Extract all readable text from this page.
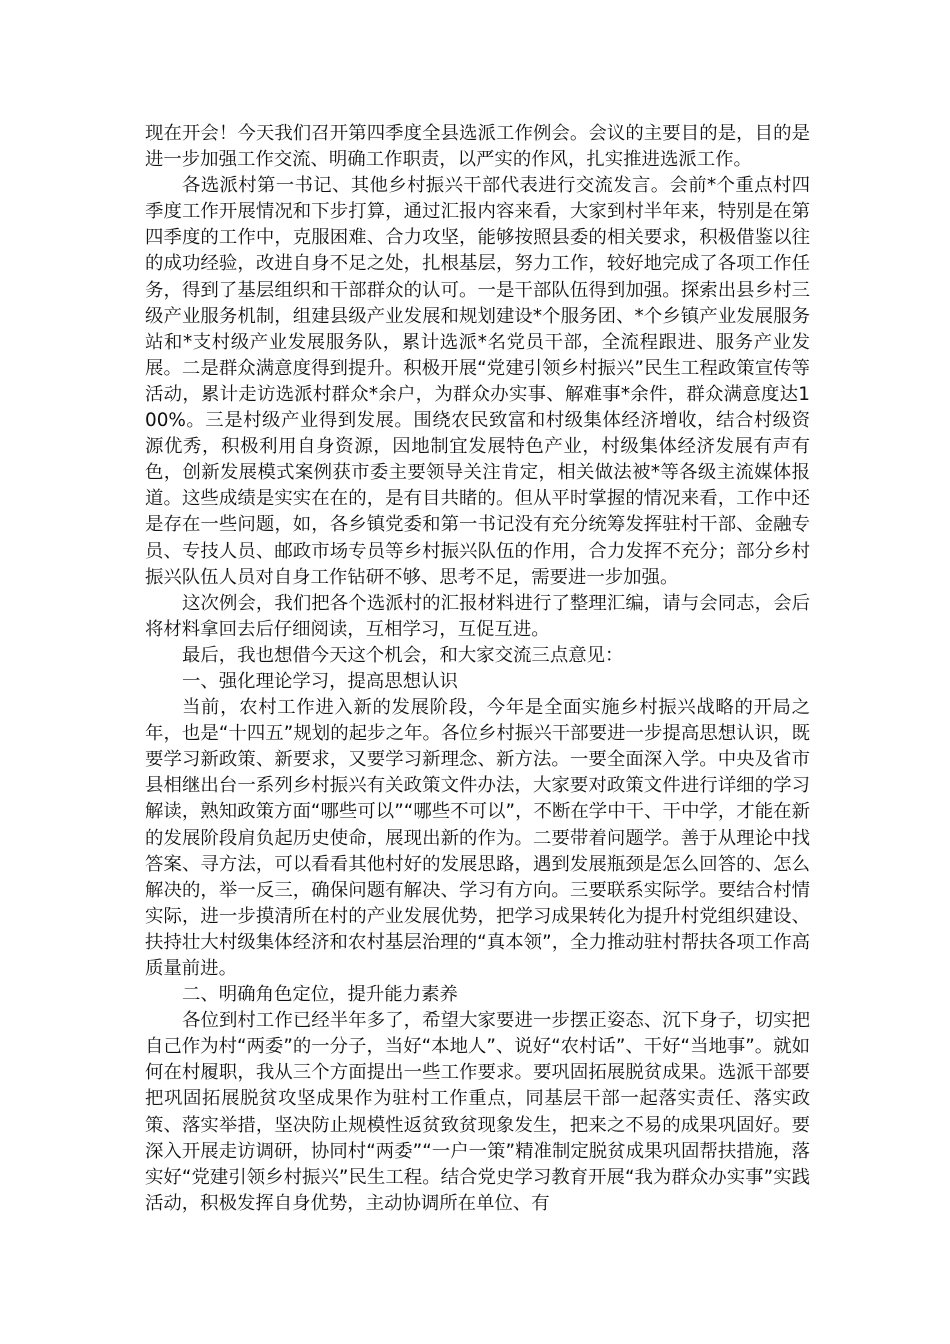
现在开会！今天我们召开第四季度全县选派工作例会。会议的主要目的是，目的是进一步加强工作交流、明确工作职责，以严实的作风，扎实推进选派工作。

各选派村第一书记、其他乡村振兴干部代表进行交流发言。会前*个重点村四季度工作开展情况和下步打算，通过汇报内容来看，大家到村半年来，特别是在第四季度的工作中，克服困难、合力攻坚，能够按照县委的相关要求，积极借鉴以往的成功经验，改进自身不足之处，扎根基层，努力工作，较好地完成了各项工作任务，得到了基层组织和干部群众的认可。一是干部队伍得到加强。探索出县乡村三级产业服务机制，组建县级产业发展和规划建设*个服务团、*个乡镇产业发展服务站和*支村级产业发展服务队，累计选派*名党员干部，全流程跟进、服务产业发展。二是群众满意度得到提升。积极开展“党建引领乡村振兴”民生工程政策宣传等活动，累计走访选派村群众*余户，为群众办实事、解难事*余件，群众满意度达100%。三是村级产业得到发展。围绕农民致富和村级集体经济增收，结合村级资源优秀，积极利用自身资源，因地制宜发展特色产业，村级集体经济发展有声有色，创新发展模式案例获市委主要领导关注肯定，相关做法被*等各级主流媒体报道。这些成绩是实实在在的，是有目共睹的。但从平时掌握的情况来看，工作中还是存在一些问题，如，各乡镇党委和第一书记没有充分统筹发挥驻村干部、金融专员、专技人员、邮政市场专员等乡村振兴队伍的作用，合力发挥不充分；部分乡村振兴队伍人员对自身工作钻研不够、思考不足，需要进一步加强。

这次例会，我们把各个选派村的汇报材料进行了整理汇编，请与会同志，会后将材料拿回去后仔细阅读，互相学习，互促互进。

最后，我也想借今天这个机会，和大家交流三点意见：

一、强化理论学习，提高思想认识

当前，农村工作进入新的发展阶段，今年是全面实施乡村振兴战略的开局之年，也是“十四五”规划的起步之年。各位乡村振兴干部要进一步提高思想认识，既要学习新政策、新要求，又要学习新理念、新方法。一要全面深入学。中央及省市县相继出台一系列乡村振兴有关政策文件办法，大家要对政策文件进行详细的学习解读，熟知政策方面“哪些可以”“哪些不可以”，不断在学中干、干中学，才能在新的发展阶段肩负起历史使命，展现出新的作为。二要带着问题学。善于从理论中找答案、寻方法，可以看看其他村好的发展思路，遇到发展瓶颈是怎么回答的、怎么解决的，举一反三，确保问题有解决、学习有方向。三要联系实际学。要结合村情实际，进一步摸清所在村的产业发展优势，把学习成果转化为提升村党组织建设、扶持壮大村级集体经济和农村基层治理的“真本领”，全力推动驻村帮扶各项工作高质量前进。

二、明确角色定位，提升能力素养

各位到村工作已经半年多了，希望大家要进一步摆正姿态、沉下身子，切实把自己作为村“两委”的一分子，当好“本地人”、说好“农村话”、干好“当地事”。就如何在村履职，我从三个方面提出一些工作要求。要巩固拓展脱贫成果。选派干部要把巩固拓展脱贫攻坚成果作为驻村工作重点，同基层干部一起落实责任、落实政策、落实举措，坚决防止规模性返贫致贫现象发生，把来之不易的成果巩固好。要深入开展走访调研，协同村“两委”“一户一策”精准制定脱贫成果巩固帮扶措施，落实好“党建引领乡村振兴”民生工程。结合党史学习教育开展“我为群众办实事”实践活动，积极发挥自身优势，主动协调所在单位、有
